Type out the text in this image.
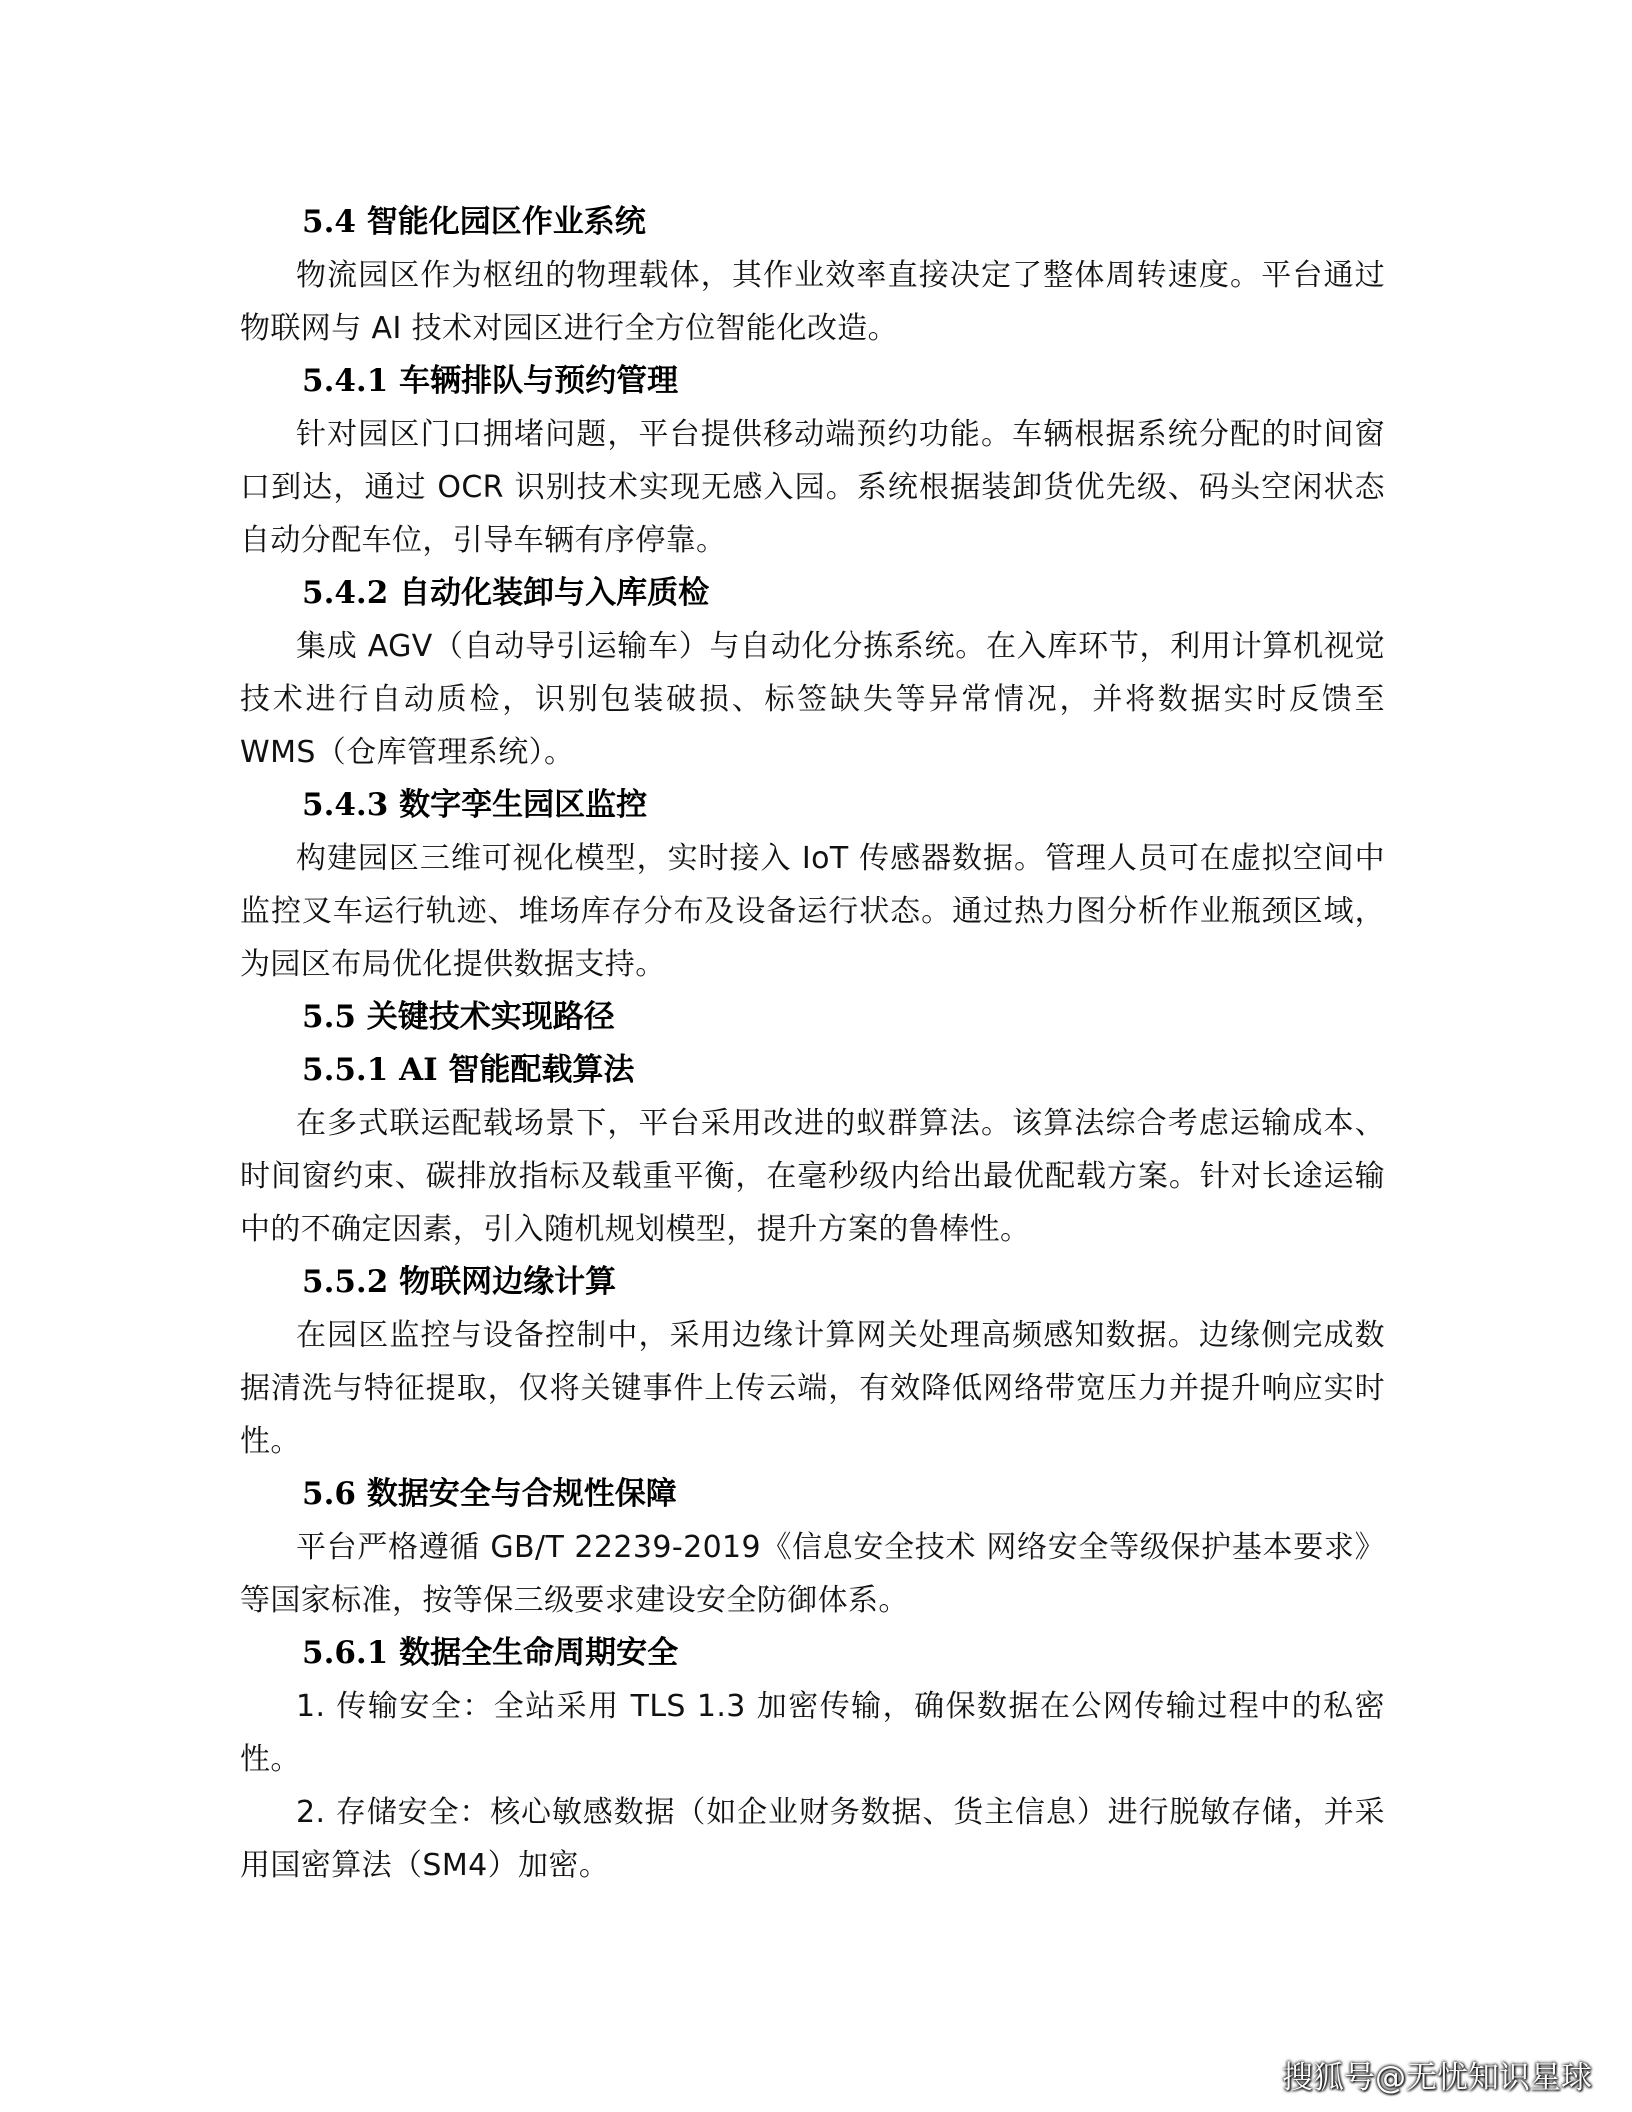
5.4 智能化园区作业系统
物流园区作为枢纽的物理载体，其作业效率直接决定了整体周转速度。平台通过物联网与 AI 技术对园区进行全方位智能化改造。
5.4.1 车辆排队与预约管理
针对园区门口拥堵问题，平台提供移动端预约功能。车辆根据系统分配的时间窗口到达，通过 OCR 识别技术实现无感入园。系统根据装卸货优先级、码头空闲状态自动分配车位，引导车辆有序停靠。
5.4.2 自动化装卸与入库质检
集成 AGV（自动导引运输车）与自动化分拣系统。在入库环节，利用计算机视觉技术进行自动质检，识别包装破损、标签缺失等异常情况，并将数据实时反馈至 WMS（仓库管理系统）。
5.4.3 数字孪生园区监控
构建园区三维可视化模型，实时接入 IoT 传感器数据。管理人员可在虚拟空间中监控叉车运行轨迹、堆场库存分布及设备运行状态。通过热力图分析作业瓶颈区域，为园区布局优化提供数据支持。
5.5 关键技术实现路径
5.5.1 AI 智能配载算法
在多式联运配载场景下，平台采用改进的蚁群算法。该算法综合考虑运输成本、时间窗约束、碳排放指标及载重平衡，在毫秒级内给出最优配载方案。针对长途运输中的不确定因素，引入随机规划模型，提升方案的鲁棒性。
5.5.2 物联网边缘计算
在园区监控与设备控制中，采用边缘计算网关处理高频感知数据。边缘侧完成数据清洗与特征提取，仅将关键事件上传云端，有效降低网络带宽压力并提升响应实时性。
5.6 数据安全与合规性保障
平台严格遵循 GB/T 22239-2019《信息安全技术 网络安全等级保护基本要求》等国家标准，按等保三级要求建设安全防御体系。
5.6.1 数据全生命周期安全
1. 传输安全：全站采用 TLS 1.3 加密传输，确保数据在公网传输过程中的私密性。
2. 存储安全：核心敏感数据（如企业财务数据、货主信息）进行脱敏存储，并采用国密算法（SM4）加密。
搜狐号@无忧知识星球
